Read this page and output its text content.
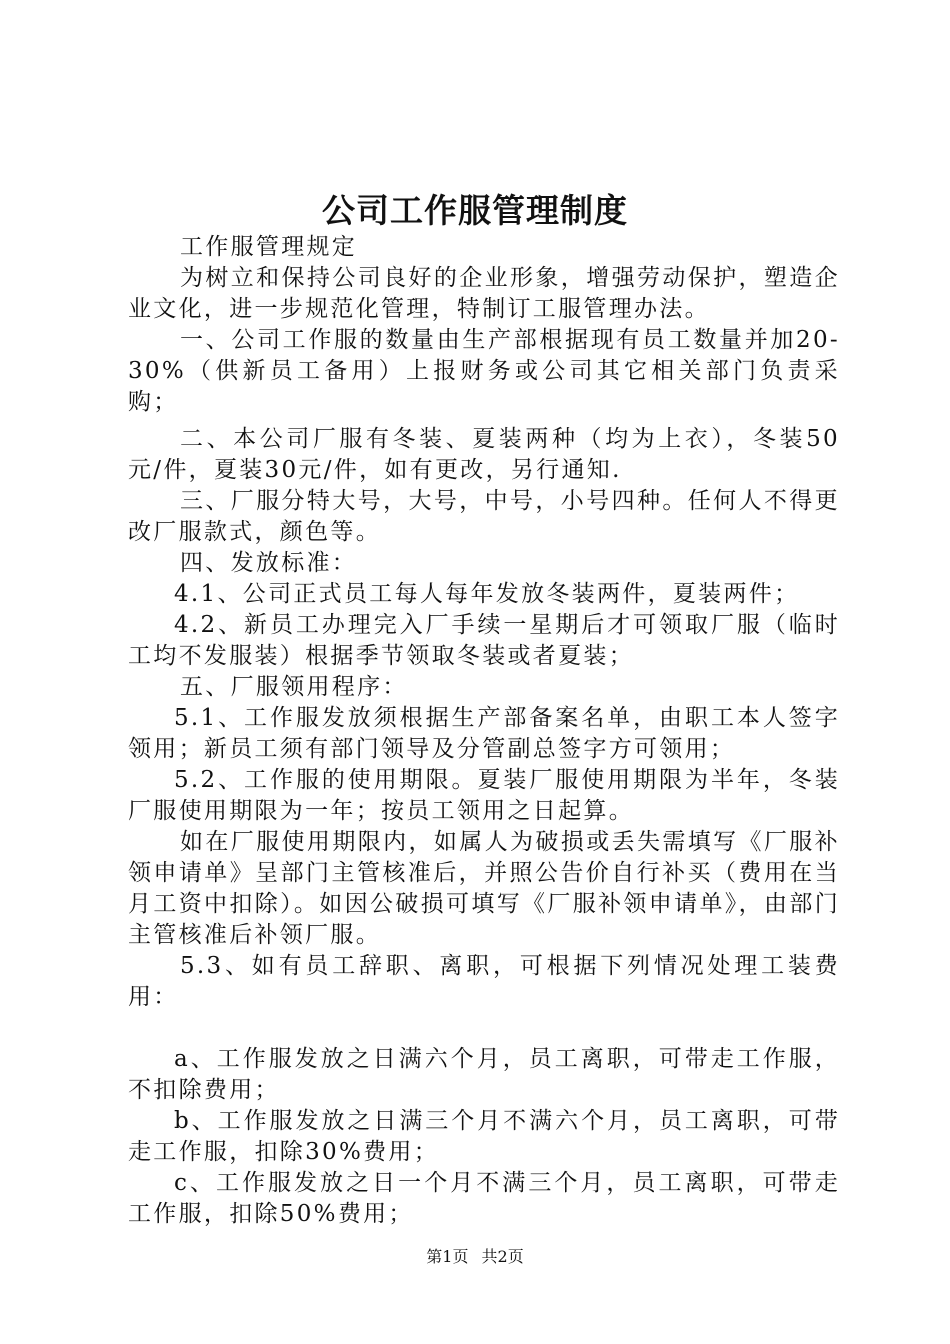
公司工作服管理制度

工作服管理规定

为树立和保持公司良好的企业形象，增强劳动保护，塑造企业文化，进一步规范化管理，特制订工服管理办法。

一、公司工作服的数量由生产部根据现有员工数量并加20-30%（供新员工备用）上报财务或公司其它相关部门负责采购；

二、本公司厂服有冬装、夏装两种（均为上衣），冬装50元/件，夏装30元/件，如有更改，另行通知.

三、厂服分特大号，大号，中号，小号四种。任何人不得更改厂服款式，颜色等。

四、发放标准：

4.1、公司正式员工每人每年发放冬装两件，夏装两件；

4.2、新员工办理完入厂手续一星期后才可领取厂服（临时工均不发服装）根据季节领取冬装或者夏装；

五、厂服领用程序：

5.1、工作服发放须根据生产部备案名单，由职工本人签字领用；新员工须有部门领导及分管副总签字方可领用；

5.2、工作服的使用期限。夏装厂服使用期限为半年，冬装厂服使用期限为一年；按员工领用之日起算。

如在厂服使用期限内，如属人为破损或丢失需填写《厂服补领申请单》呈部门主管核准后，并照公告价自行补买（费用在当月工资中扣除）。如因公破损可填写《厂服补领申请单》，由部门主管核准后补领厂服。

5.3、如有员工辞职、离职，可根据下列情况处理工装费用：

a、工作服发放之日满六个月，员工离职，可带走工作服，不扣除费用；

b、工作服发放之日满三个月不满六个月，员工离职，可带走工作服，扣除30%费用；

c、工作服发放之日一个月不满三个月，员工离职，可带走工作服，扣除50%费用；

第1页 共2页
